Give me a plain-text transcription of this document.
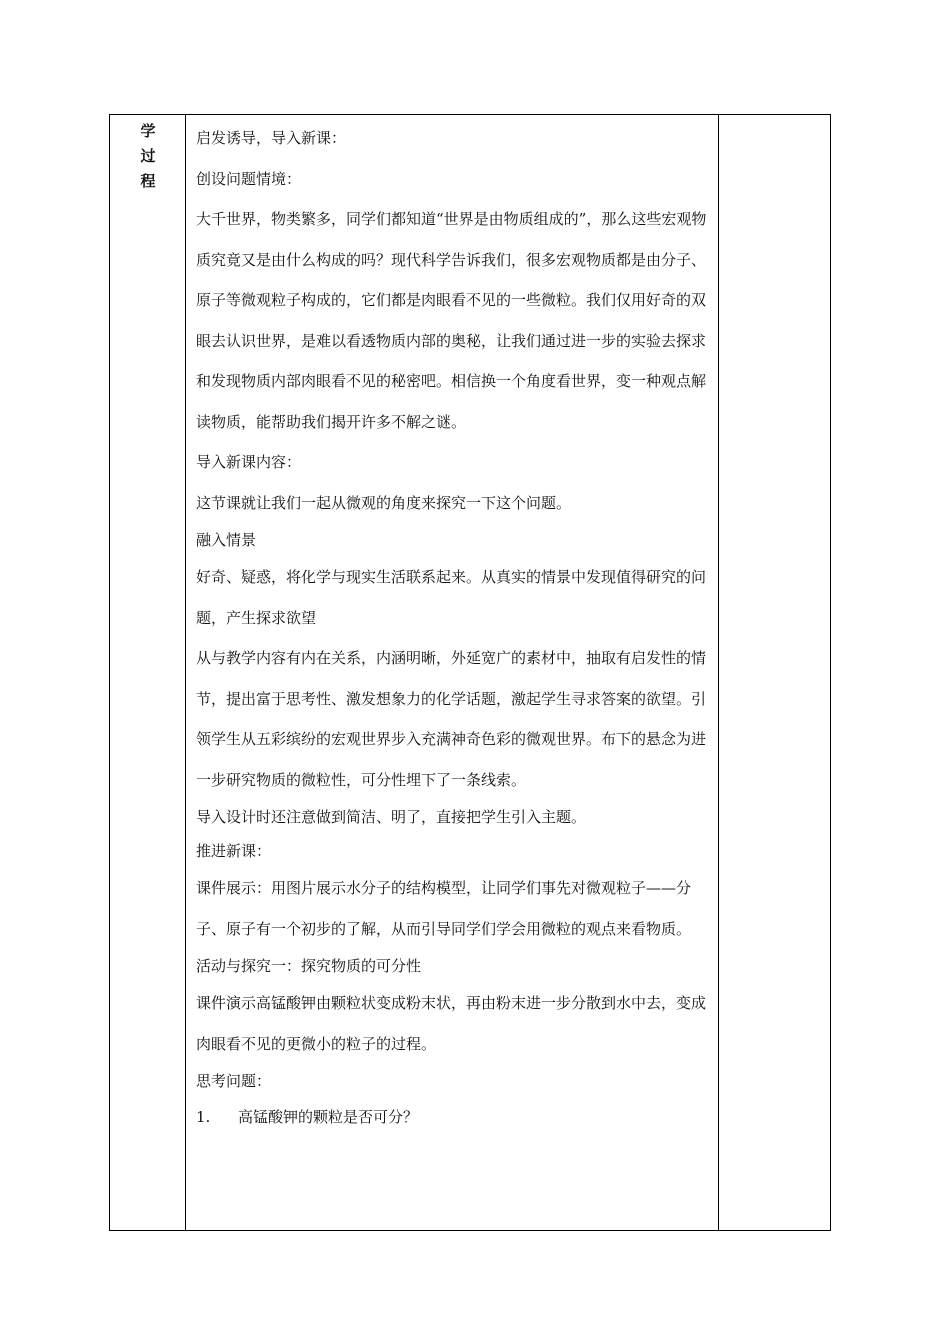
学
过
程

启发诱导，导入新课：

创设问题情境：

大千世界，物类繁多，同学们都知道“世界是由物质组成的”，那么这些宏观物质究竟又是由什么构成的吗？现代科学告诉我们，很多宏观物质都是由分子、原子等微观粒子构成的，它们都是肉眼看不见的一些微粒。我们仅用好奇的双眼去认识世界，是难以看透物质内部的奥秘，让我们通过进一步的实验去探求和发现物质内部肉眼看不见的秘密吧。相信换一个角度看世界，变一种观点解读物质，能帮助我们揭开许多不解之谜。

导入新课内容：

这节课就让我们一起从微观的角度来探究一下这个问题。

融入情景

好奇、疑惑，将化学与现实生活联系起来。从真实的情景中发现值得研究的问题，产生探求欲望

从与教学内容有内在关系，内涵明晰，外延宽广的素材中，抽取有启发性的情节，提出富于思考性、激发想象力的化学话题，激起学生寻求答案的欲望。引领学生从五彩缤纷的宏观世界步入充满神奇色彩的微观世界。布下的悬念为进一步研究物质的微粒性，可分性埋下了一条线索。

导入设计时还注意做到简洁、明了，直接把学生引入主题。

推进新课：

课件展示：用图片展示水分子的结构模型，让同学们事先对微观粒子——分子、原子有一个初步的了解，从而引导同学们学会用微粒的观点来看物质。

活动与探究一：探究物质的可分性

课件演示高锰酸钾由颗粒状变成粉末状，再由粉末进一步分散到水中去，变成肉眼看不见的更微小的粒子的过程。

思考问题：

1. 高锰酸钾的颗粒是否可分？
